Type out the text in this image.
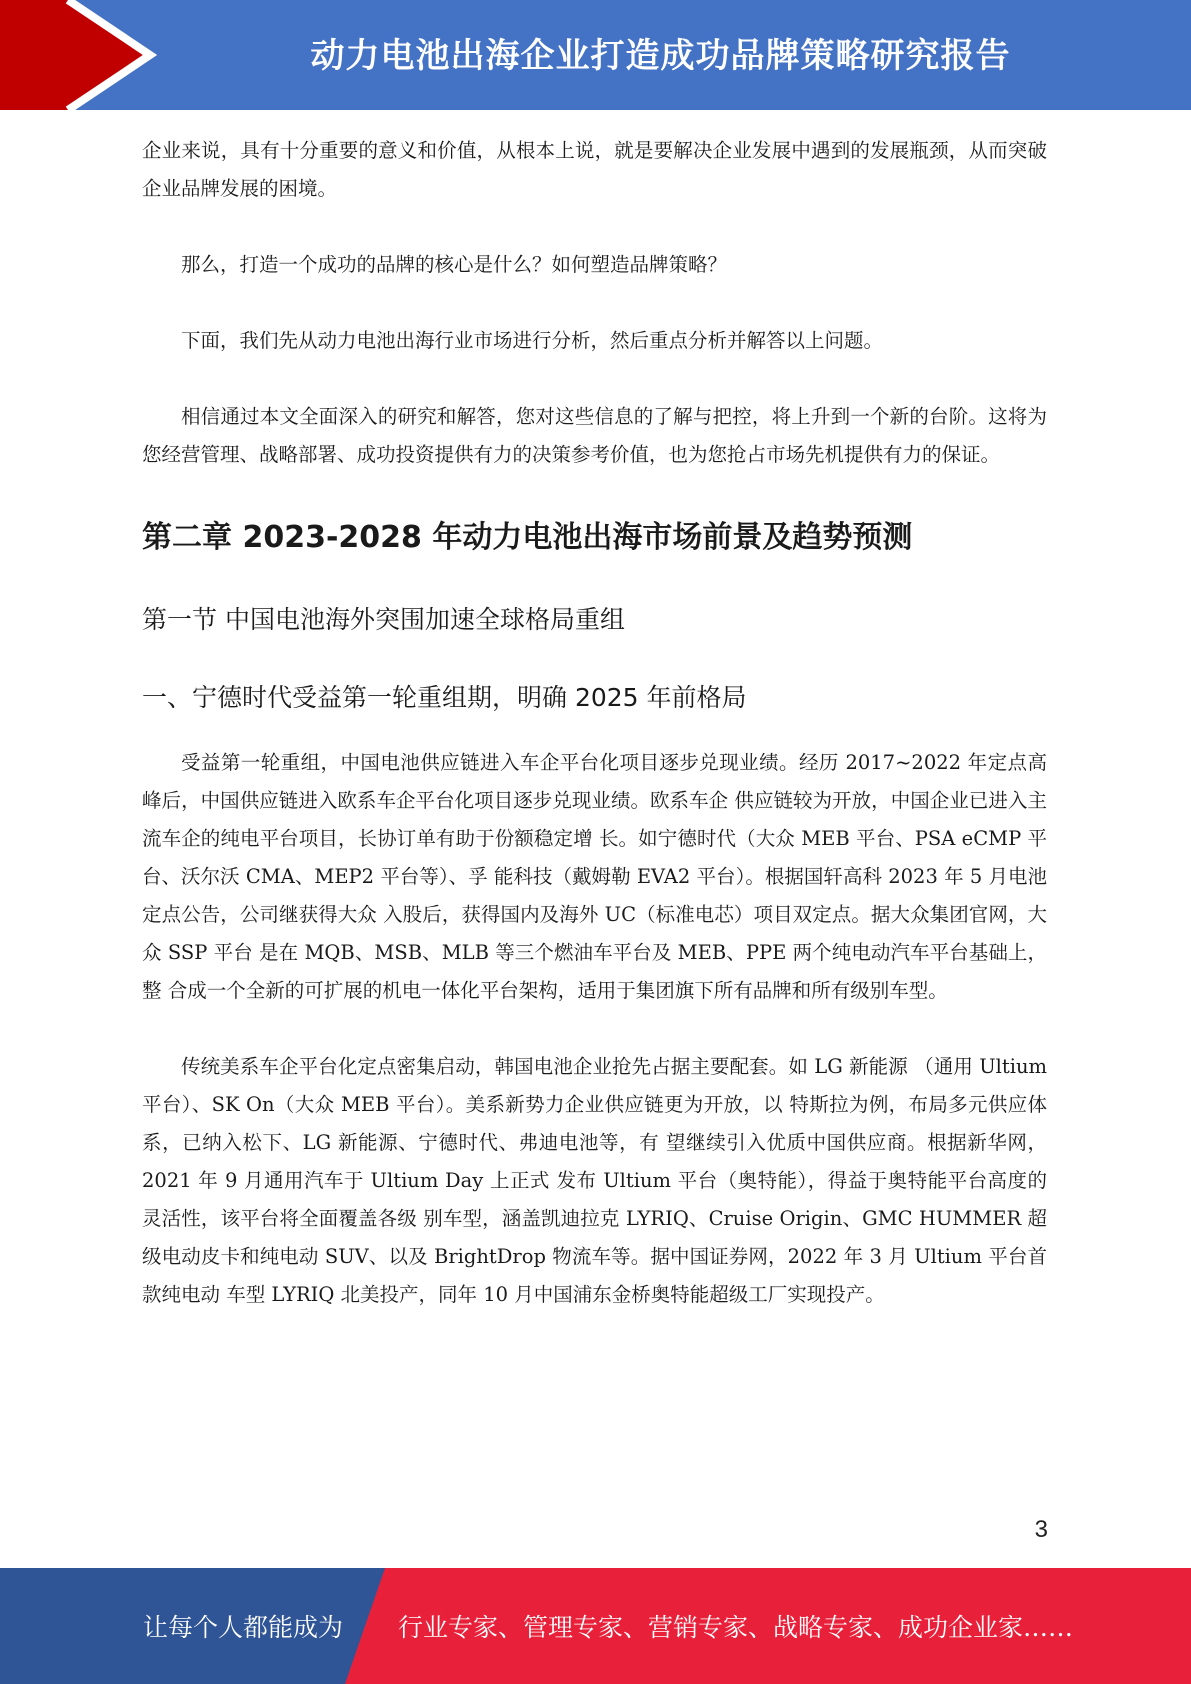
动力电池出海企业打造成功品牌策略研究报告

企业来说，具有十分重要的意义和价值，从根本上说，就是要解决企业发展中遇到的发展瓶颈，从而突破企业品牌发展的困境。

那么，打造一个成功的品牌的核心是什么？如何塑造品牌策略？

下面，我们先从动力电池出海行业市场进行分析，然后重点分析并解答以上问题。

相信通过本文全面深入的研究和解答，您对这些信息的了解与把控，将上升到一个新的台阶。这将为您经营管理、战略部署、成功投资提供有力的决策参考价值，也为您抢占市场先机提供有力的保证。

第二章 2023-2028 年动力电池出海市场前景及趋势预测
第一节 中国电池海外突围加速全球格局重组
一、宁德时代受益第一轮重组期，明确 2025 年前格局

受益第一轮重组，中国电池供应链进入车企平台化项目逐步兑现业绩。经历 2017~2022 年定点高峰后，中国供应链进入欧系车企平台化项目逐步兑现业绩。欧系车企 供应链较为开放，中国企业已进入主流车企的纯电平台项目，长协订单有助于份额稳定增 长。如宁德时代（大众 MEB 平台、PSA eCMP 平台、沃尔沃 CMA、MEP2 平台等）、孚 能科技（戴姆勒 EVA2 平台）。根据国轩高科 2023 年 5 月电池定点公告，公司继获得大众 入股后，获得国内及海外 UC（标准电芯）项目双定点。据大众集团官网，大众 SSP 平台 是在 MQB、MSB、MLB 等三个燃油车平台及 MEB、PPE 两个纯电动汽车平台基础上，整 合成一个全新的可扩展的机电一体化平台架构，适用于集团旗下所有品牌和所有级别车型。

传统美系车企平台化定点密集启动，韩国电池企业抢先占据主要配套。如 LG 新能源 （通用 Ultium 平台）、SK On（大众 MEB 平台）。美系新势力企业供应链更为开放，以 特斯拉为例，布局多元供应体系，已纳入松下、LG 新能源、宁德时代、弗迪电池等，有 望继续引入优质中国供应商。根据新华网，2021 年 9 月通用汽车于 Ultium Day 上正式 发布 Ultium 平台（奥特能），得益于奥特能平台高度的灵活性，该平台将全面覆盖各级 别车型，涵盖凯迪拉克 LYRIQ、Cruise Origin、GMC HUMMER 超级电动皮卡和纯电动 SUV、以及 BrightDrop 物流车等。据中国证券网，2022 年 3 月 Ultium 平台首款纯电动 车型 LYRIQ 北美投产，同年 10 月中国浦东金桥奥特能超级工厂实现投产。

3
让每个人都能成为 行业专家、管理专家、营销专家、战略专家、成功企业家……
